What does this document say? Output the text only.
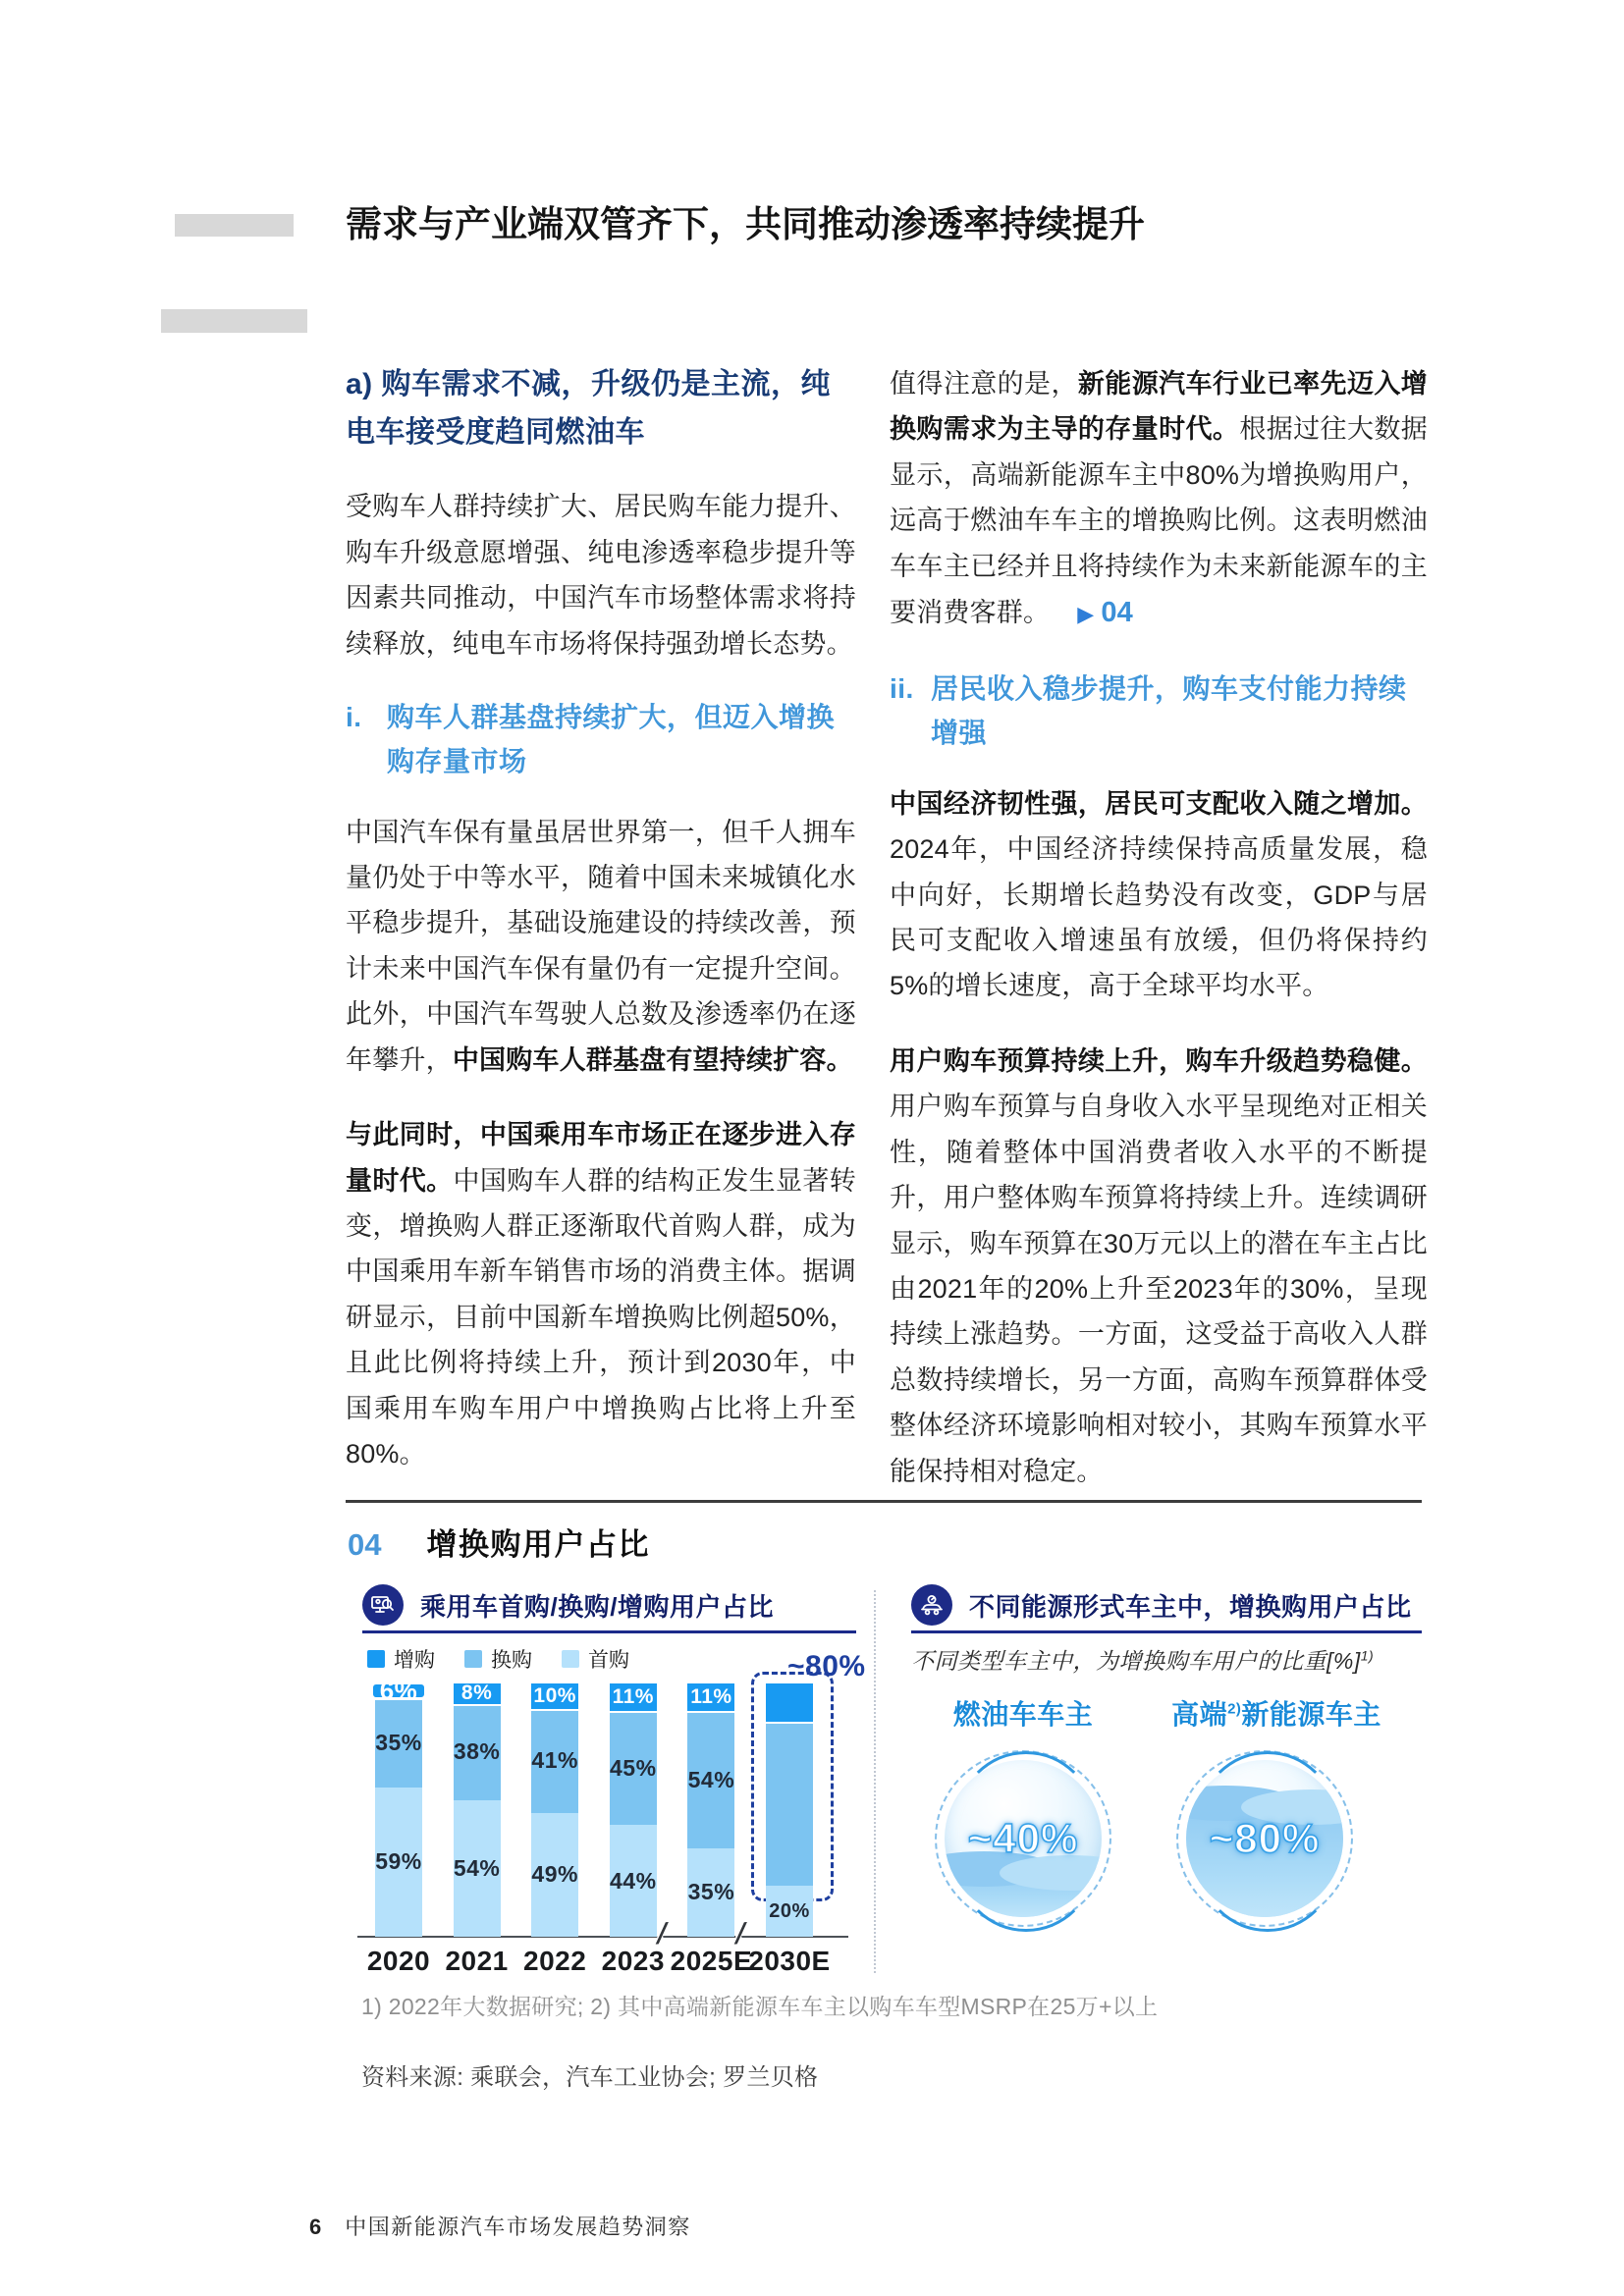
需求与产业端双管齐下，共同推动渗透率持续提升
a) 购车需求不减，升级仍是主流，纯电车接受度趋同燃油车

受购车人群持续扩大、居民购车能力提升、购车升级意愿增强、纯电渗透率稳步提升等因素共同推动，中国汽车市场整体需求将持续释放，纯电车市场将保持强劲增长态势。

i. 购车人群基盘持续扩大，但迈入增换购存量市场

中国汽车保有量虽居世界第一，但千人拥车量仍处于中等水平，随着中国未来城镇化水平稳步提升，基础设施建设的持续改善，预计未来中国汽车保有量仍有一定提升空间。此外，中国汽车驾驶人总数及渗透率仍在逐年攀升，中国购车人群基盘有望持续扩容。

与此同时，中国乘用车市场正在逐步进入存量时代。中国购车人群的结构正发生显著转变，增换购人群正逐渐取代首购人群，成为中国乘用车新车销售市场的消费主体。据调研显示，目前中国新车增换购比例超50%，且此比例将持续上升，预计到2030年，中国乘用车购车用户中增换购占比将上升至80%。

值得注意的是，新能源汽车行业已率先迈入增换购需求为主导的存量时代。根据过往大数据显示，高端新能源车主中80%为增换购用户，远高于燃油车车主的增换购比例。这表明燃油车车主已经并且将持续作为未来新能源车的主要消费客群。 ▶ 04

ii. 居民收入稳步提升，购车支付能力持续增强

中国经济韧性强，居民可支配收入随之增加。2024年，中国经济持续保持高质量发展，稳中向好，长期增长趋势没有改变，GDP与居民可支配收入增速虽有放缓，但仍将保持约5%的增长速度，高于全球平均水平。

用户购车预算持续上升，购车升级趋势稳健。用户购车预算与自身收入水平呈现绝对正相关性，随着整体中国消费者收入水平的不断提升，用户整体购车预算将持续上升。连续调研显示，购车预算在30万元以上的潜在车主占比由2021年的20%上升至2023年的30%，呈现持续上涨趋势。一方面，这受益于高收入人群总数持续增长，另一方面，高购车预算群体受整体经济环境影响相对较小，其购车预算水平能保持相对稳定。

04 增换购用户占比
乘用车首购/换购/增购用户占比
增购	换购	首购
∕∕	∕∕
~80%
59%
35%
6%
2020
54%
38%
8%
2021
49%
41%
10%
2022
44%
45%
11%
2023
35%
54%
11%
2025E
20%
2030E
不同能源形式车主中，增换购用户占比

不同类型车主中，为增换购车用户的比重[%]$^{1)}$

燃油车车主	高端$^{2)}$新能源车主
~40%	~80%

1) 2022年大数据研究; 2) 其中高端新能源车车主以购车车型MSRP在25万+以上

资料来源: 乘联会，汽车工业协会; 罗兰贝格

6 中国新能源汽车市场发展趋势洞察
